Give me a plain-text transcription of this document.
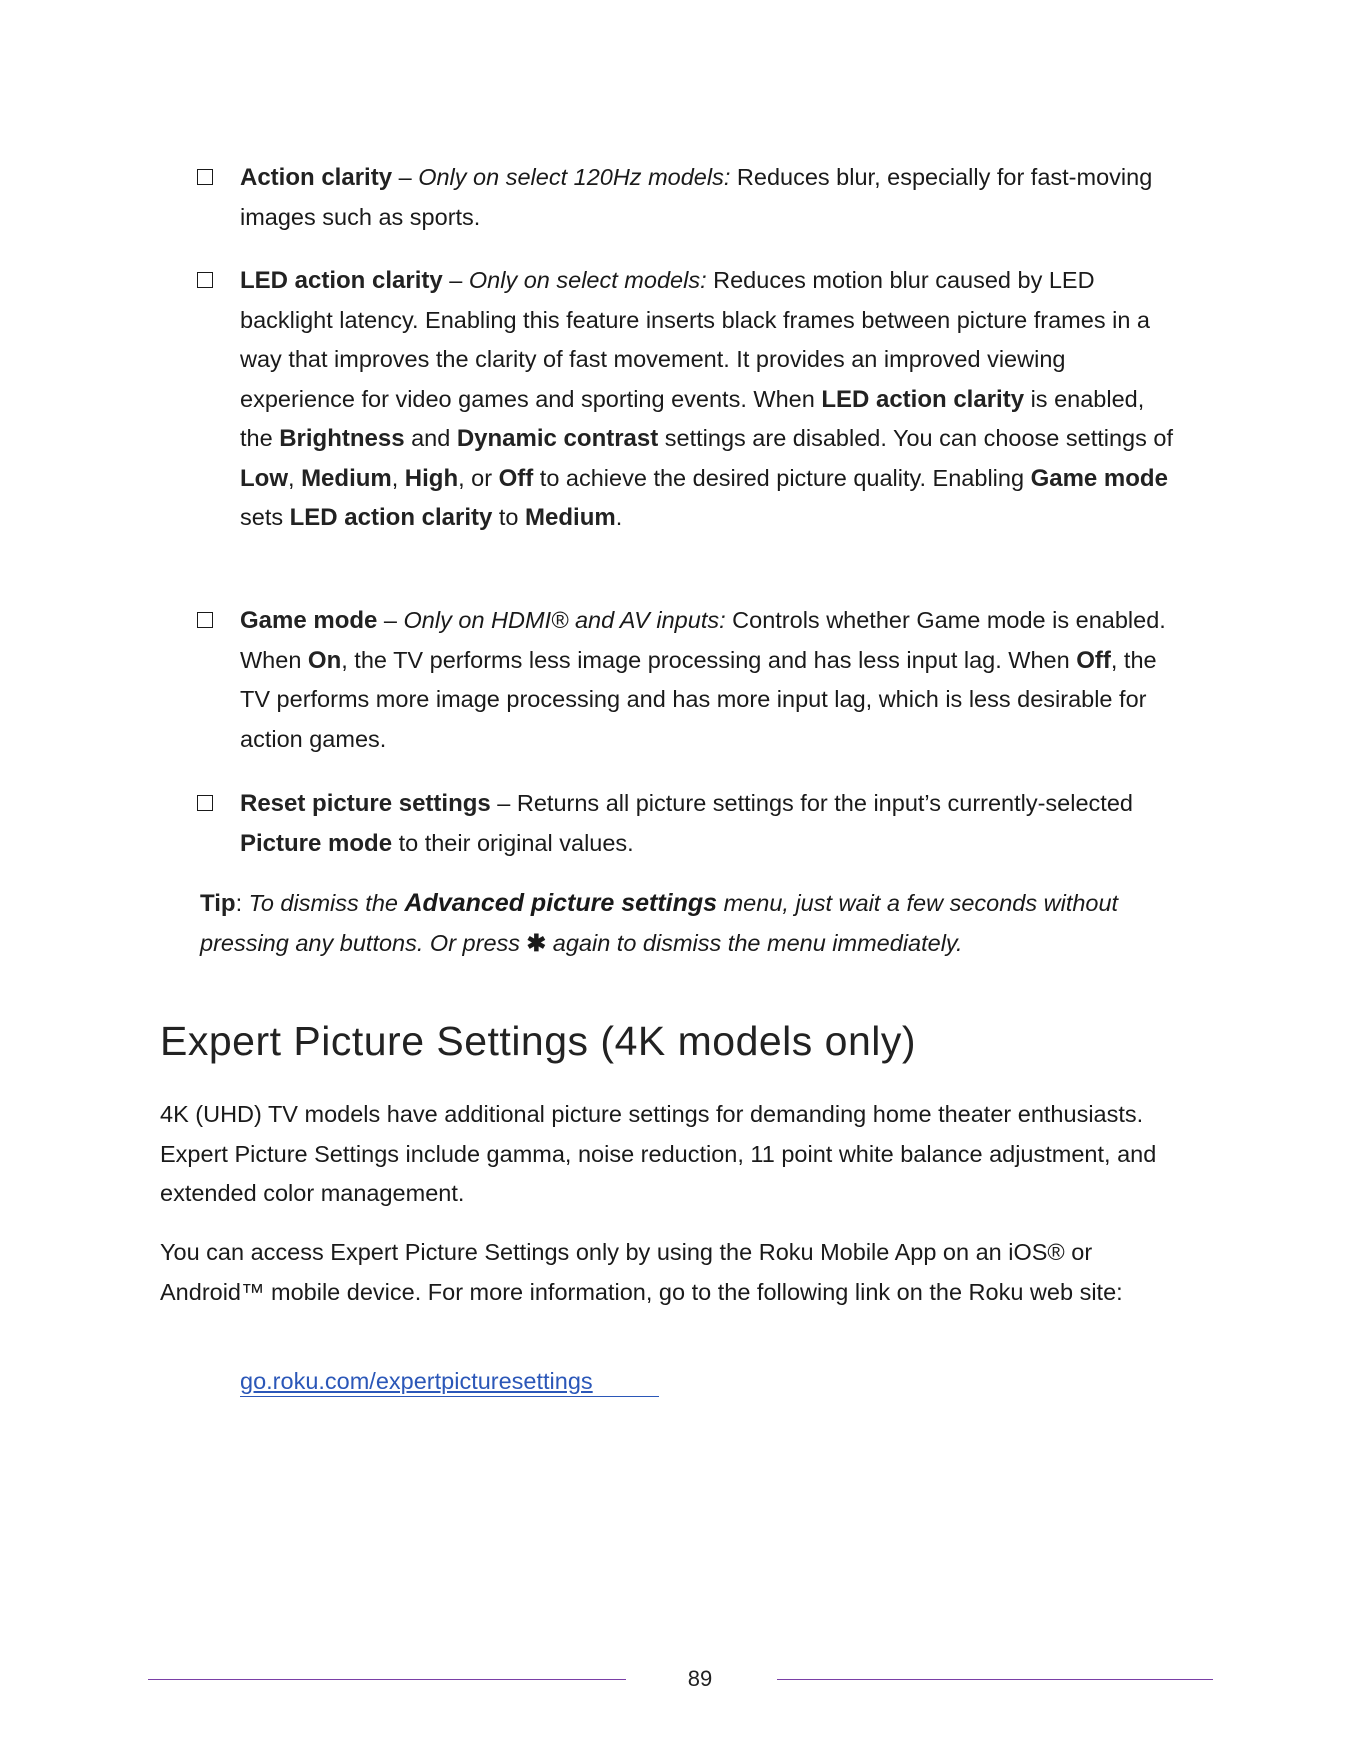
Action clarity – Only on select 120Hz models: Reduces blur, especially for fast-moving images such as sports.
LED action clarity – Only on select models: Reduces motion blur caused by LED backlight latency. Enabling this feature inserts black frames between picture frames in a way that improves the clarity of fast movement. It provides an improved viewing experience for video games and sporting events. When LED action clarity is enabled, the Brightness and Dynamic contrast settings are disabled. You can choose settings of Low, Medium, High, or Off to achieve the desired picture quality. Enabling Game mode sets LED action clarity to Medium.
Game mode – Only on HDMI® and AV inputs: Controls whether Game mode is enabled. When On, the TV performs less image processing and has less input lag. When Off, the TV performs more image processing and has more input lag, which is less desirable for action games.
Reset picture settings – Returns all picture settings for the input’s currently-selected Picture mode to their original values.
Tip: To dismiss the Advanced picture settings menu, just wait a few seconds without pressing any buttons. Or press ✱ again to dismiss the menu immediately.
Expert Picture Settings (4K models only)
4K (UHD) TV models have additional picture settings for demanding home theater enthusiasts. Expert Picture Settings include gamma, noise reduction, 11 point white balance adjustment, and extended color management.
You can access Expert Picture Settings only by using the Roku Mobile App on an iOS® or Android™ mobile device. For more information, go to the following link on the Roku web site:
go.roku.com/expertpicturesettings
89
